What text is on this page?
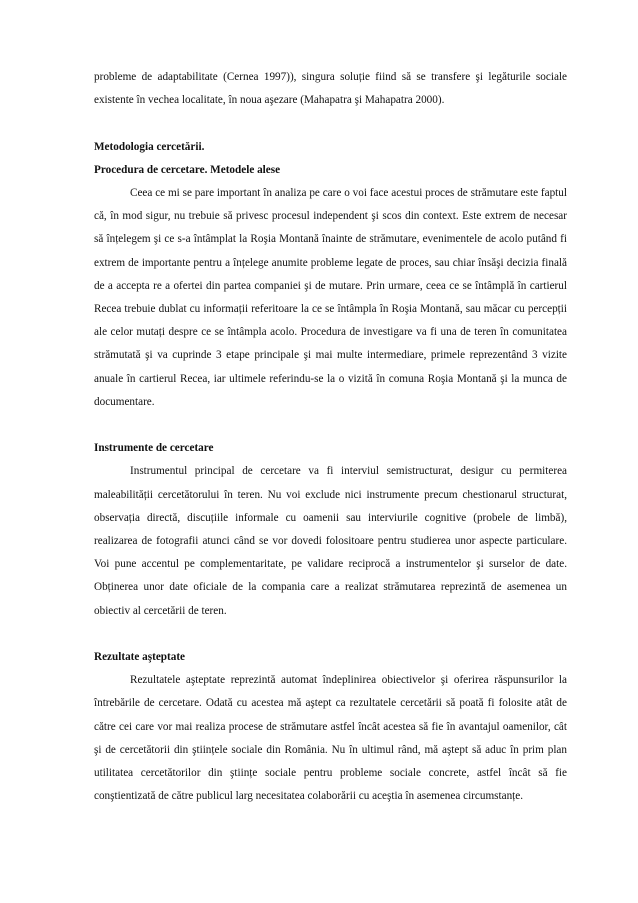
probleme de adaptabilitate (Cernea 1997)), singura soluție fiind să se transfere şi legăturile sociale existente în vechea localitate, în noua aşezare (Mahapatra şi Mahapatra 2000).

Metodologia cercetării.

Procedura de cercetare. Metodele alese

Ceea ce mi se pare important în analiza pe care o voi face acestui proces de strămutare este faptul că, în mod sigur, nu trebuie să privesc procesul independent şi scos din context. Este extrem de necesar să înțelegem şi ce s-a întâmplat la Roşia Montană înainte de strămutare, evenimentele de acolo putând fi extrem de importante pentru a înțelege anumite probleme legate de proces, sau chiar însăşi decizia finală de a accepta re a ofertei din partea companiei şi de mutare. Prin urmare, ceea ce se întâmplă în cartierul Recea trebuie dublat cu informații referitoare la ce se întâmpla în Roşia Montană, sau măcar cu percepții ale celor mutați despre ce se întâmpla acolo. Procedura de investigare va fi una de teren în comunitatea strămutată şi va cuprinde 3 etape principale şi mai multe intermediare, primele reprezentând 3 vizite anuale în cartierul Recea, iar ultimele referindu-se la o vizită în comuna Roşia Montană şi la munca de documentare.

Instrumente de cercetare

Instrumentul principal de cercetare va fi interviul semistructurat, desigur cu permiterea maleabilității cercetătorului în teren. Nu voi exclude nici instrumente precum chestionarul structurat, observația directă, discuțiile informale cu oamenii sau interviurile cognitive (probele de limbă), realizarea de fotografii atunci când se vor dovedi folositoare pentru studierea unor aspecte particulare. Voi pune accentul pe complementaritate, pe validare reciprocă a instrumentelor şi surselor de date. Obținerea unor date oficiale de la compania care a realizat strămutarea reprezintă de asemenea un obiectiv al cercetării de teren.

Rezultate aşteptate

Rezultatele aşteptate reprezintă automat îndeplinirea obiectivelor şi oferirea răspunsurilor la întrebările de cercetare. Odată cu acestea mă aştept ca rezultatele cercetării să poată fi folosite atât de către cei care vor mai realiza procese de strămutare astfel încât acestea să fie în avantajul oamenilor, cât şi de cercetătorii din ştiințele sociale din România. Nu în ultimul rând, mă aştept să aduc în prim plan utilitatea cercetătorilor din ştiințe sociale pentru probleme sociale concrete, astfel încât să fie conştientizată de către publicul larg necesitatea colaborării cu aceştia în asemenea circumstanțe.
